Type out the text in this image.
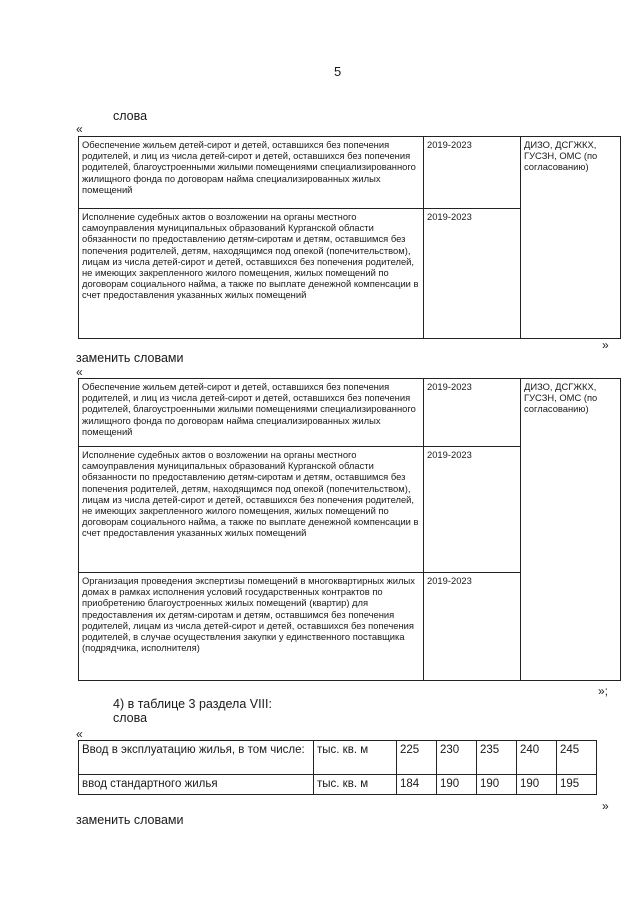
5
слова
«
Обеспечение жильем детей-сирот и детей, оставшихся без попечения родителей, и лиц из числа детей-сирот и детей, оставшихся без попечения родителей, благоустроенными жилыми помещениями специализированного жилищного фонда по договорам найма специализированных жилых помещений	2019-2023	ДИЗО, ДСГЖКХ, ГУСЗН, ОМС (по согласованию)
Исполнение судебных актов о возложении на органы местного самоуправления муниципальных образований Курганской области обязанности по предоставлению детям-сиротам и детям, оставшимся без попечения родителей, детям, находящимся под опекой (попечительством), лицам из числа детей-сирот и детей, оставшихся без попечения родителей, не имеющих закрепленного жилого помещения, жилых помещений по договорам социального найма, а также по выплате денежной компенсации в счет предоставления указанных жилых помещений	2019-2023	
»
заменить словами
«
Обеспечение жильем детей-сирот и детей, оставшихся без попечения родителей, и лиц из числа детей-сирот и детей, оставшихся без попечения родителей, благоустроенными жилыми помещениями специализированного жилищного фонда по договорам найма специализированных жилых помещений	2019-2023	ДИЗО, ДСГЖКХ, ГУСЗН, ОМС (по согласованию)
Исполнение судебных актов о возложении на органы местного самоуправления муниципальных образований Курганской области обязанности по предоставлению детям-сиротам и детям, оставшимся без попечения родителей, детям, находящимся под опекой (попечительством), лицам из числа детей-сирот и детей, оставшихся без попечения родителей, не имеющих закрепленного жилого помещения, жилых помещений по договорам социального найма, а также по выплате денежной компенсации в счет предоставления указанных жилых помещений	2019-2023	
Организация проведения экспертизы помещений в многоквартирных жилых домах в рамках исполнения условий государственных контрактов по приобретению благоустроенных жилых помещений (квартир) для предоставления их детям-сиротам и детям, оставшимся без попечения родителей, лицам из числа детей-сирот и детей, оставшихся без попечения родителей, в случае осуществления закупки у единственного поставщика (подрядчика, исполнителя)	2019-2023	
»;
4) в таблице 3 раздела VIII:
слова
«
Ввод в эксплуатацию жилья, в том числе:	тыс. кв. м	225	230	235	240	245
ввод стандартного жилья	тыс. кв. м	184	190	190	190	195
»
заменить словами
